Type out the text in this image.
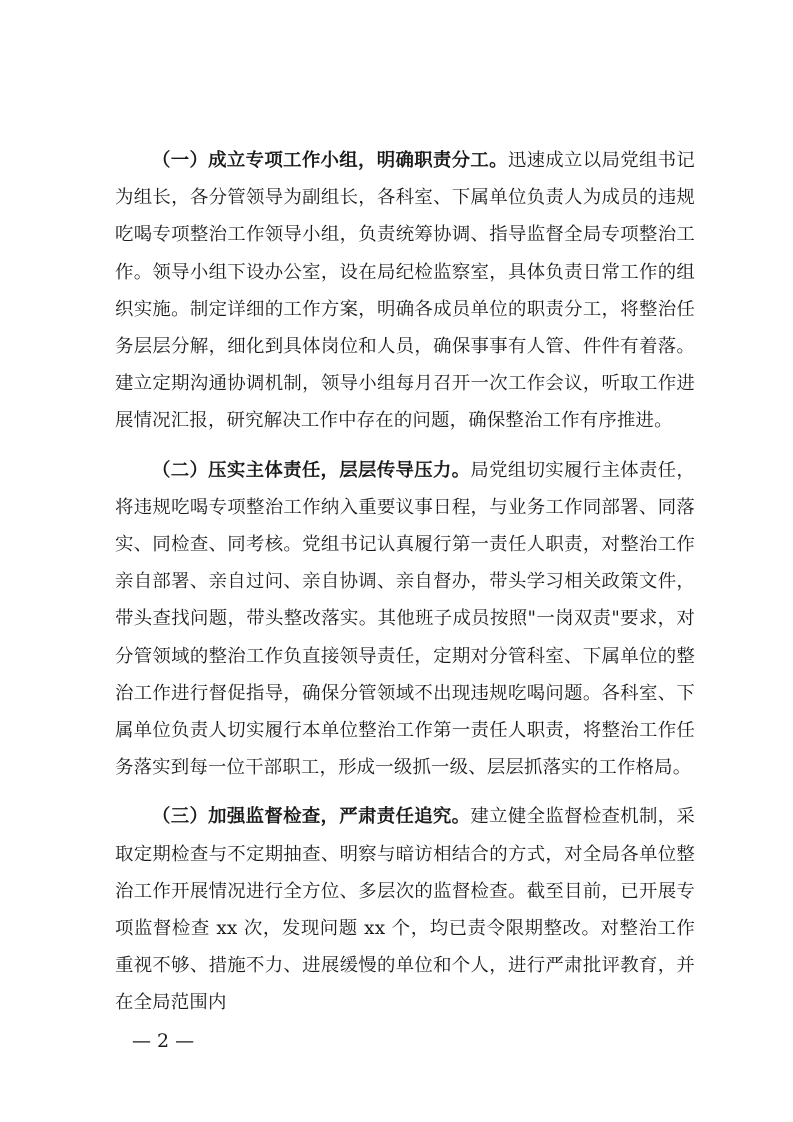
（一）成立专项工作小组，明确职责分工。迅速成立以局党组书记为组长，各分管领导为副组长，各科室、下属单位负责人为成员的违规吃喝专项整治工作领导小组，负责统筹协调、指导监督全局专项整治工作。领导小组下设办公室，设在局纪检监察室，具体负责日常工作的组织实施。制定详细的工作方案，明确各成员单位的职责分工，将整治任务层层分解，细化到具体岗位和人员，确保事事有人管、件件有着落。建立定期沟通协调机制，领导小组每月召开一次工作会议，听取工作进展情况汇报，研究解决工作中存在的问题，确保整治工作有序推进。

（二）压实主体责任，层层传导压力。局党组切实履行主体责任，将违规吃喝专项整治工作纳入重要议事日程，与业务工作同部署、同落实、同检查、同考核。党组书记认真履行第一责任人职责，对整治工作亲自部署、亲自过问、亲自协调、亲自督办，带头学习相关政策文件，带头查找问题，带头整改落实。其他班子成员按照"一岗双责"要求，对分管领域的整治工作负直接领导责任，定期对分管科室、下属单位的整治工作进行督促指导，确保分管领域不出现违规吃喝问题。各科室、下属单位负责人切实履行本单位整治工作第一责任人职责，将整治工作任务落实到每一位干部职工，形成一级抓一级、层层抓落实的工作格局。

（三）加强监督检查，严肃责任追究。建立健全监督检查机制，采取定期检查与不定期抽查、明察与暗访相结合的方式，对全局各单位整治工作开展情况进行全方位、多层次的监督检查。截至目前，已开展专项监督检查 xx 次，发现问题 xx 个，均已责令限期整改。对整治工作重视不够、措施不力、进展缓慢的单位和个人，进行严肃批评教育，并在全局范围内

— 2 —
